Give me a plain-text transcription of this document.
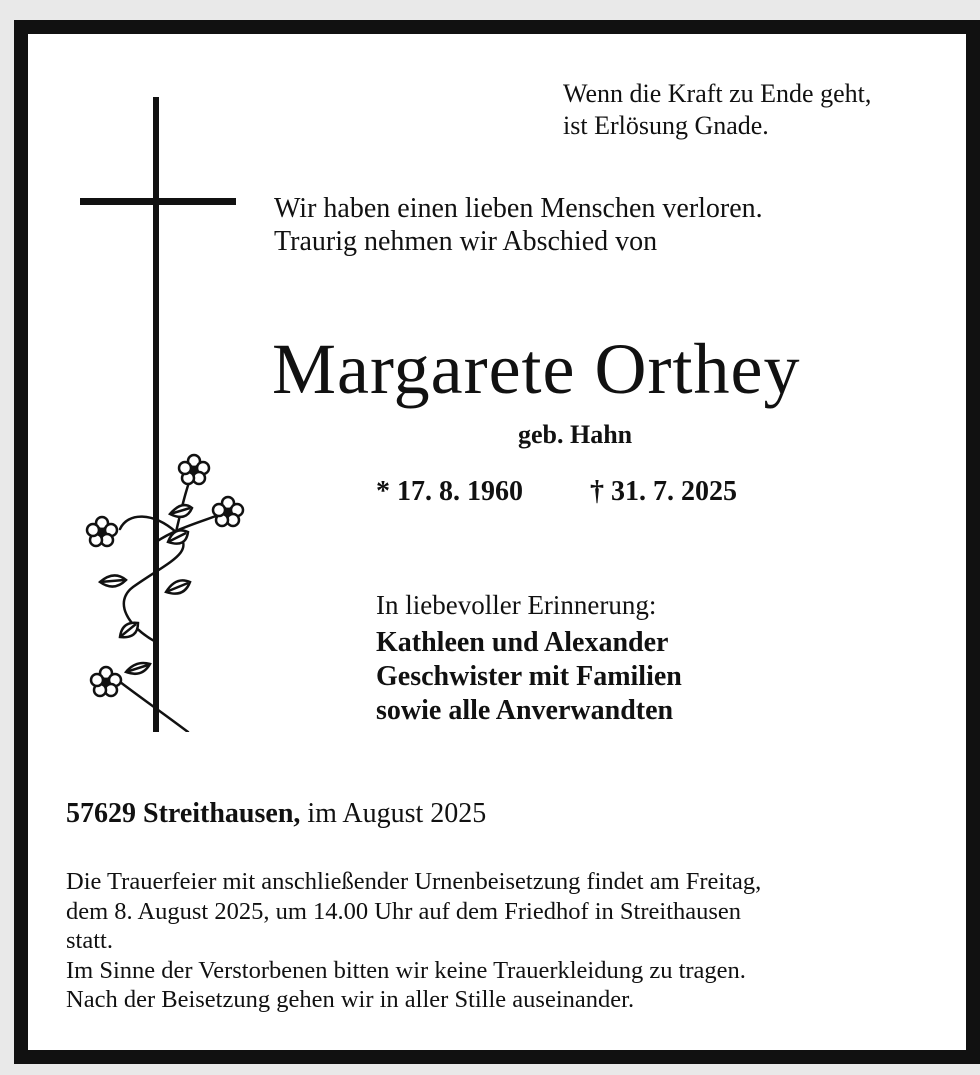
Wenn die Kraft zu Ende geht,
ist Erlösung Gnade.
Wir haben einen lieben Menschen verloren.
Traurig nehmen wir Abschied von
Margarete Orthey
geb. Hahn
* 17. 8. 1960 † 31. 7. 2025
In liebevoller Erinnerung:
Kathleen und Alexander
Geschwister mit Familien
sowie alle Anverwandten
57629 Streithausen, im August 2025
Die Trauerfeier mit anschließender Urnenbeisetzung findet am Freitag,
dem 8. August 2025, um 14.00 Uhr auf dem Friedhof in Streithausen
statt.
Im Sinne der Verstorbenen bitten wir keine Trauerkleidung zu tragen.
Nach der Beisetzung gehen wir in aller Stille auseinander.
